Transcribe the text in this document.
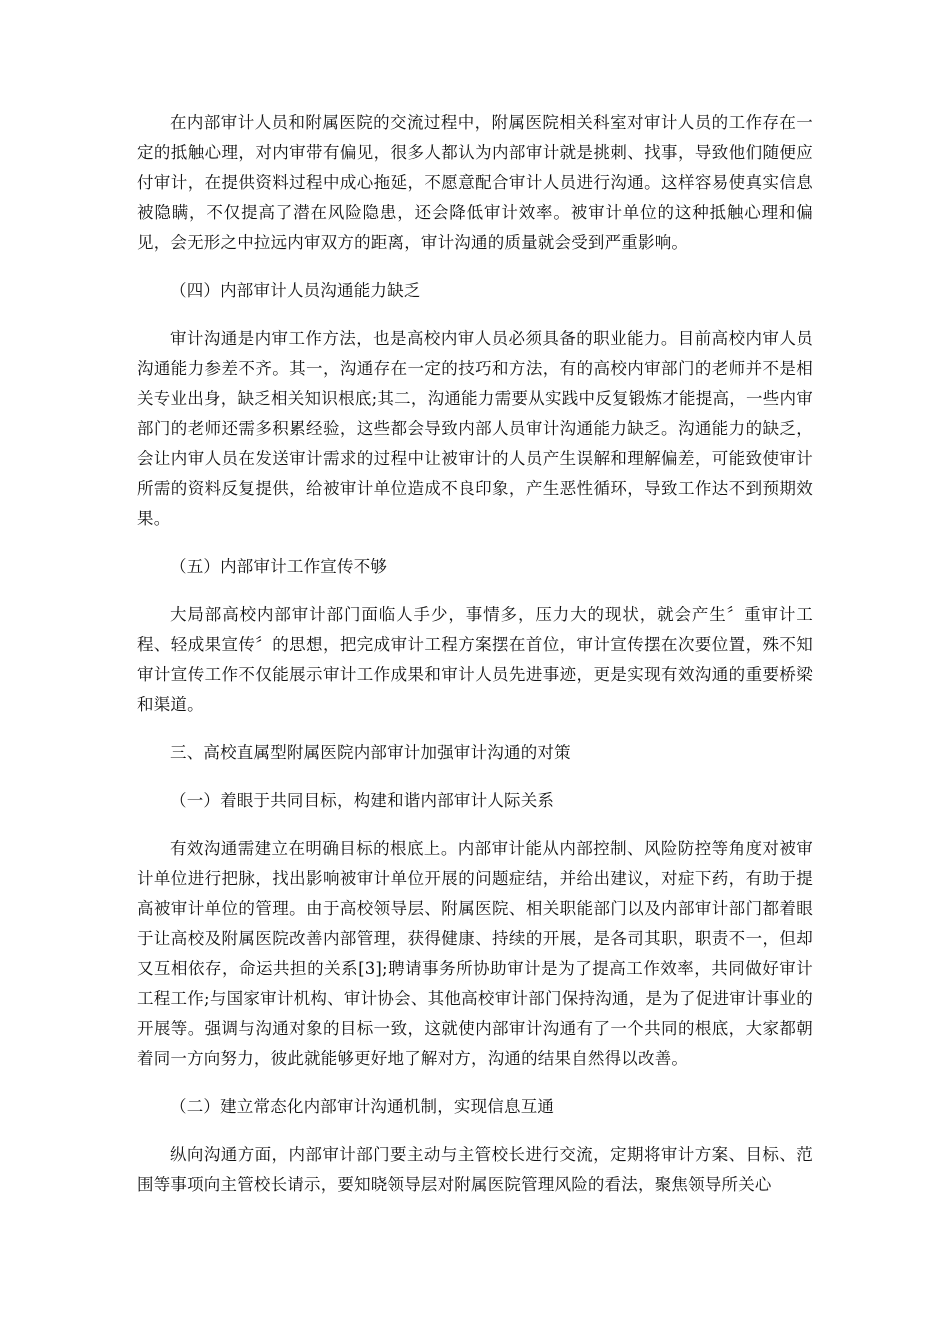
在内部审计人员和附属医院的交流过程中，附属医院相关科室对审计人员的工作存在一定的抵触心理，对内审带有偏见，很多人都认为内部审计就是挑刺、找事，导致他们随便应付审计，在提供资料过程中成心拖延，不愿意配合审计人员进行沟通。这样容易使真实信息被隐瞒，不仅提高了潜在风险隐患，还会降低审计效率。被审计单位的这种抵触心理和偏见，会无形之中拉远内审双方的距离，审计沟通的质量就会受到严重影响。

（四）内部审计人员沟通能力缺乏

审计沟通是内审工作方法，也是高校内审人员必须具备的职业能力。目前高校内审人员沟通能力参差不齐。其一，沟通存在一定的技巧和方法，有的高校内审部门的老师并不是相关专业出身，缺乏相关知识根底;其二，沟通能力需要从实践中反复锻炼才能提高，一些内审部门的老师还需多积累经验，这些都会导致内部人员审计沟通能力缺乏。沟通能力的缺乏，会让内审人员在发送审计需求的过程中让被审计的人员产生误解和理解偏差，可能致使审计所需的资料反复提供，给被审计单位造成不良印象，产生恶性循环，导致工作达不到预期效果。

（五）内部审计工作宣传不够

大局部高校内部审计部门面临人手少，事情多，压力大的现状，就会产生〞重审计工程、轻成果宣传〞的思想，把完成审计工程方案摆在首位，审计宣传摆在次要位置，殊不知审计宣传工作不仅能展示审计工作成果和审计人员先进事迹，更是实现有效沟通的重要桥梁和渠道。

三、高校直属型附属医院内部审计加强审计沟通的对策

（一）着眼于共同目标，构建和谐内部审计人际关系

有效沟通需建立在明确目标的根底上。内部审计能从内部控制、风险防控等角度对被审计单位进行把脉，找出影响被审计单位开展的问题症结，并给出建议，对症下药，有助于提高被审计单位的管理。由于高校领导层、附属医院、相关职能部门以及内部审计部门都着眼于让高校及附属医院改善内部管理，获得健康、持续的开展，是各司其职，职责不一，但却又互相依存，命运共担的关系[3];聘请事务所协助审计是为了提高工作效率，共同做好审计工程工作;与国家审计机构、审计协会、其他高校审计部门保持沟通，是为了促进审计事业的开展等。强调与沟通对象的目标一致，这就使内部审计沟通有了一个共同的根底，大家都朝着同一方向努力，彼此就能够更好地了解对方，沟通的结果自然得以改善。

（二）建立常态化内部审计沟通机制，实现信息互通

纵向沟通方面，内部审计部门要主动与主管校长进行交流，定期将审计方案、目标、范围等事项向主管校长请示，要知晓领导层对附属医院管理风险的看法，聚焦领导所关心
